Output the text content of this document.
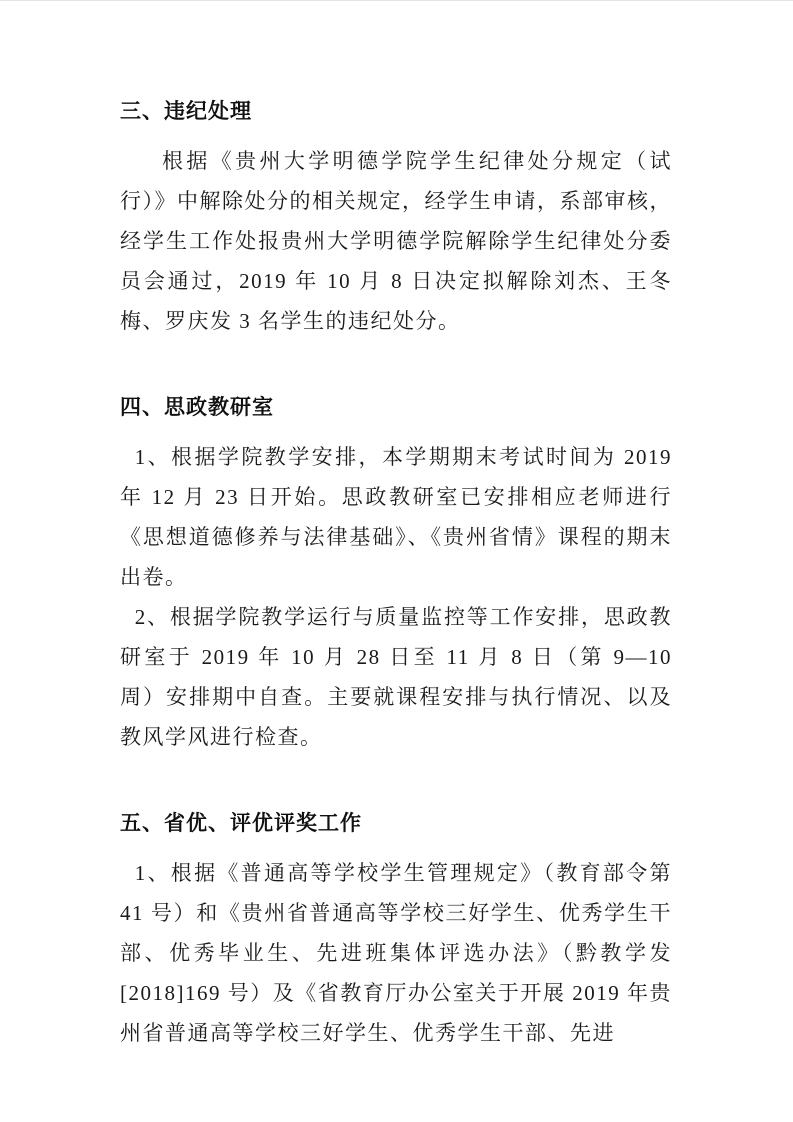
三、违纪处理

根据《贵州大学明德学院学生纪律处分规定（试行）》中解除处分的相关规定，经学生申请，系部审核，经学生工作处报贵州大学明德学院解除学生纪律处分委员会通过，2019 年 10 月 8 日决定拟解除刘杰、王冬梅、罗庆发 3 名学生的违纪处分。

四、思政教研室

1、根据学院教学安排，本学期期末考试时间为 2019 年 12 月 23 日开始。思政教研室已安排相应老师进行《思想道德修养与法律基础》、《贵州省情》课程的期末出卷。

2、根据学院教学运行与质量监控等工作安排，思政教研室于 2019 年 10 月 28 日至 11 月 8 日（第 9—10 周）安排期中自查。主要就课程安排与执行情况、以及教风学风进行检查。

五、省优、评优评奖工作

1、根据《普通高等学校学生管理规定》（教育部令第 41 号）和《贵州省普通高等学校三好学生、优秀学生干部、优秀毕业生、先进班集体评选办法》（黔教学发[2018]169 号）及《省教育厅办公室关于开展 2019 年贵州省普通高等学校三好学生、优秀学生干部、先进
